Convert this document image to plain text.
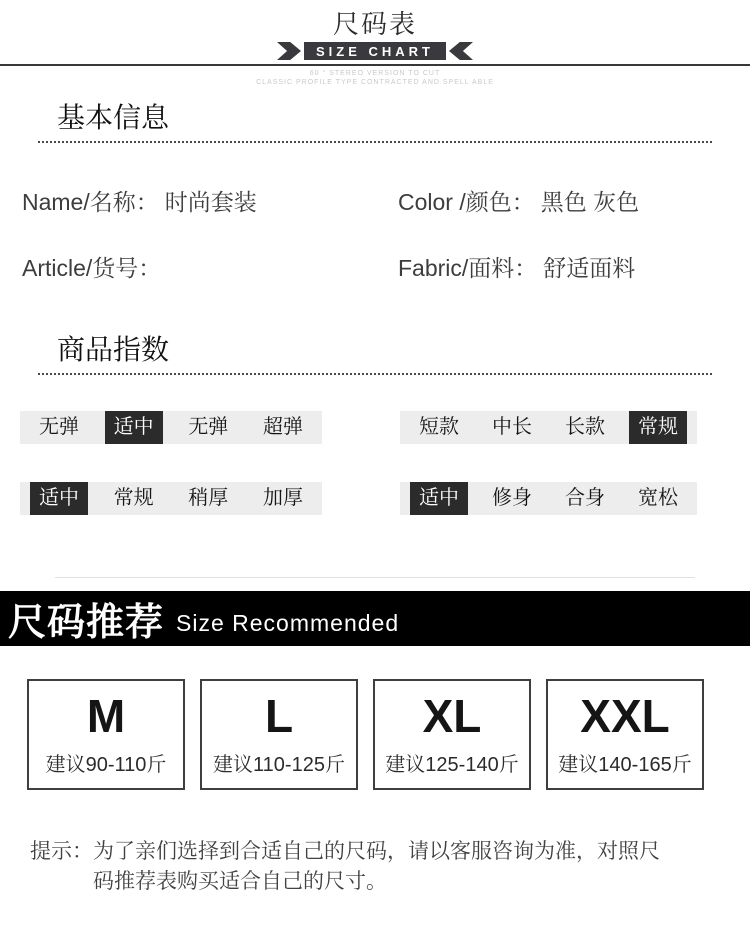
尺码表
SIZE CHART
60 ° STEREO VERSION TO CUT
CLASSIC PROFILE TYPE CONTRACTED AND SPELL ABLE
基本信息
Name/名称： 时尚套装	Color /颜色： 黑色 灰色
Article/货号：	Fabric/面料： 舒适面料
商品指数
无弹	适中	无弹	超弹	短款	中长	长款	常规
适中	常规	稍厚	加厚	适中	修身	合身	宽松
尺码推荐 Size Recommended
M
建议90-110斤
L
建议110-125斤
XL
建议125-140斤
XXL
建议140-165斤
提示： 为了亲们选择到合适自己的尺码，请以客服咨询为准，对照尺码推荐表购买适合自己的尺寸。
